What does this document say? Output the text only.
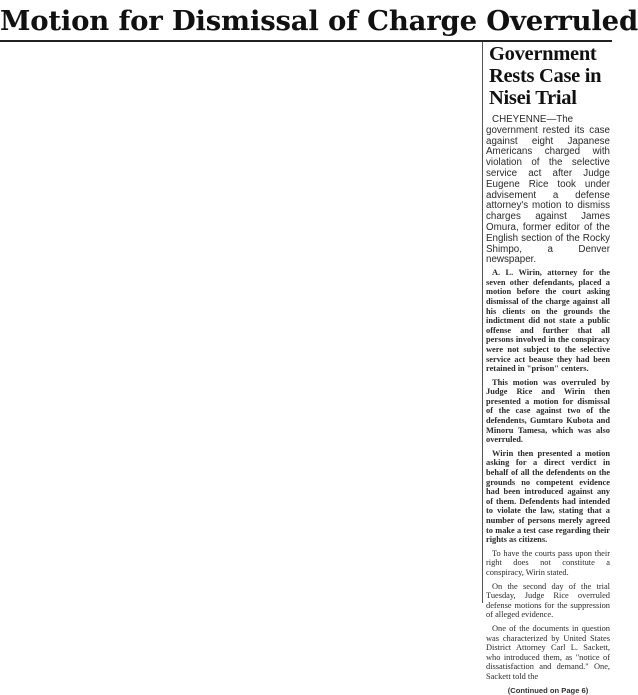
Motion for Dismissal of Charge Overruled
Government
Rests Case in
Nisei Trial

CHEYENNE—The government rested its case against eight Japanese Americans charged with violation of the selective service act after Judge Eugene Rice took under advisement a defense attorney's motion to dismiss charges against James Omura, former editor of the English section of the Rocky Shimpo, a Denver newspaper.

A. L. Wirin, attorney for the seven other defendants, placed a motion before the court asking dismissal of the charge against all his clients on the grounds the indictment did not state a public offense and further that all persons involved in the conspiracy were not subject to the selective service act beause they had been retained in "prison" centers.

This motion was overruled by Judge Rice and Wirin then presented a motion for dismissal of the case against two of the defendents, Gumtaro Kubota and Minoru Tamesa, which was also overruled.

Wirin then presented a motion asking for a direct verdict in behalf of all the defendents on the grounds no competent evidence had been introduced against any of them. Defendents had intended to violate the law, stating that a number of persons merely agreed to make a test case regarding their rights as citizens.

To have the courts pass upon their right does not constitute a conspiracy, Wirin stated.

On the second day of the trial Tuesday, Judge Rice overruled defense motions for the suppression of alleged evidence.

One of the documents in question was characterized by United States District Attorney Carl L. Sackett, who introduced them, as "notice of dissatisfaction and demand." One, Sackett told the

(Continued on Page 6)
